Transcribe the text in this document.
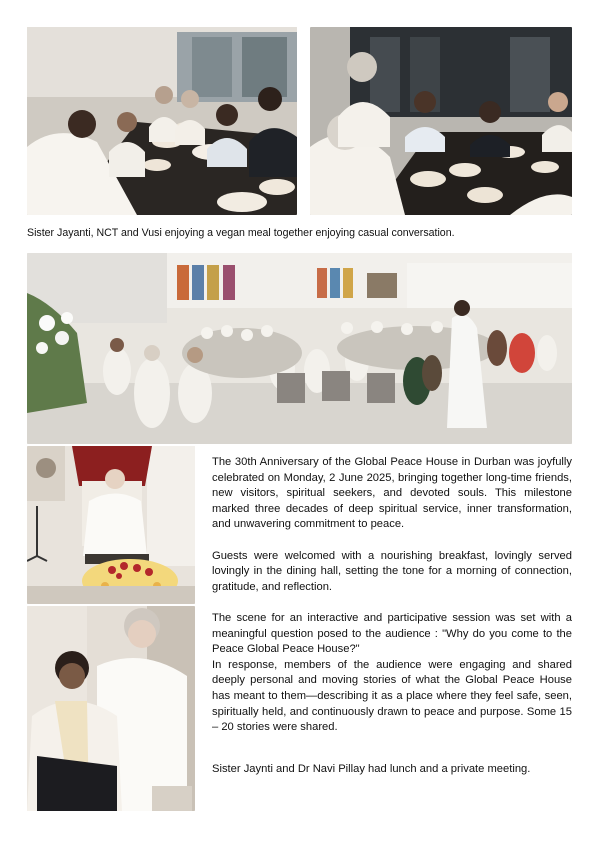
Sister Jayanti, NCT and Vusi enjoying a vegan meal together enjoying casual conversation.

The 30th Anniversary of the Global Peace House in Durban was joyfully celebrated on Monday, 2 June 2025, bringing together long-time friends, new visitors, spiritual seekers, and devoted souls. This milestone marked three decades of deep spiritual service, inner transformation, and unwavering commitment to peace.

Guests were welcomed with a nourishing breakfast, lovingly served lovingly in the dining hall, setting the tone for a morning of connection, gratitude, and reflection.

The scene for an interactive and participative session was set with a meaningful question posed to the audience : "Why do you come to the Peace Global Peace House?"

In response, members of the audience were engaging and shared deeply personal and moving stories of what the Global Peace House has meant to them—describing it as a place where they feel safe, seen, spiritually held, and continuously drawn to peace and purpose. Some 15 – 20 stories were shared.

Sister Jaynti and Dr Navi Pillay had lunch and a private meeting.
